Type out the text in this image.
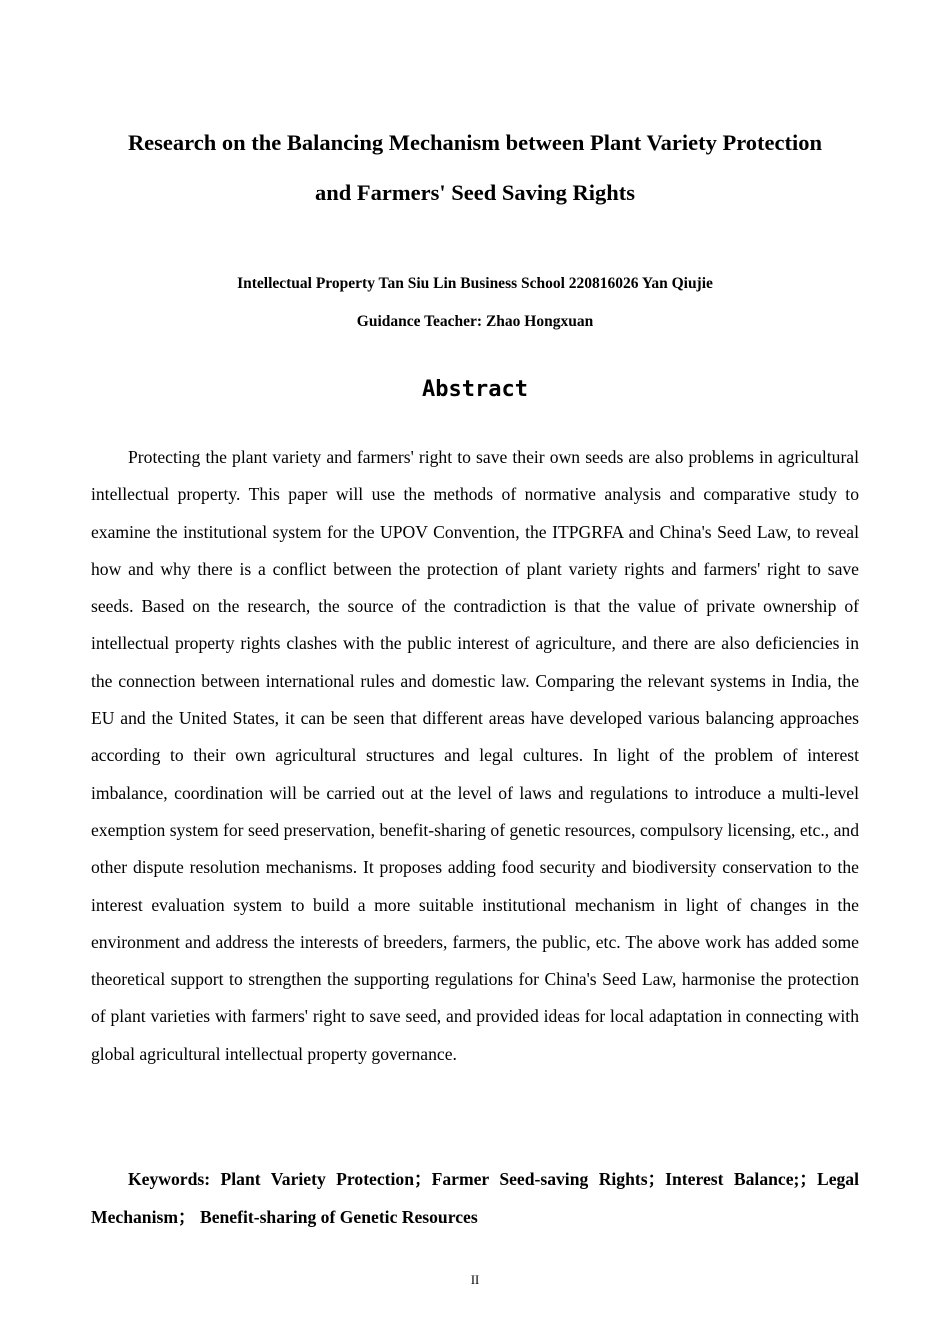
Research on the Balancing Mechanism between Plant Variety Protection
and Farmers' Seed Saving Rights

Intellectual Property Tan Siu Lin Business School 220816026 Yan Qiujie

Guidance Teacher: Zhao Hongxuan

Abstract

Protecting the plant variety and farmers' right to save their own seeds are also problems in agricultural intellectual property. This paper will use the methods of normative analysis and comparative study to examine the institutional system for the UPOV Convention, the ITPGRFA and China's Seed Law, to reveal how and why there is a conflict between the protection of plant variety rights and farmers' right to save seeds. Based on the research, the source of the contradiction is that the value of private ownership of intellectual property rights clashes with the public interest of agriculture, and there are also deficiencies in the connection between international rules and domestic law. Comparing the relevant systems in India, the EU and the United States, it can be seen that different areas have developed various balancing approaches according to their own agricultural structures and legal cultures. In light of the problem of interest imbalance, coordination will be carried out at the level of laws and regulations to introduce a multi-level exemption system for seed preservation, benefit-sharing of genetic resources, compulsory licensing, etc., and other dispute resolution mechanisms. It proposes adding food security and biodiversity conservation to the interest evaluation system to build a more suitable institutional mechanism in light of changes in the environment and address the interests of breeders, farmers, the public, etc. The above work has added some theoretical support to strengthen the supporting regulations for China's Seed Law, harmonise the protection of plant varieties with farmers' right to save seed, and provided ideas for local adaptation in connecting with global agricultural intellectual property governance.

Keywords: Plant Variety Protection；Farmer Seed-saving Rights；Interest Balance;；Legal Mechanism； Benefit-sharing of Genetic Resources

II
